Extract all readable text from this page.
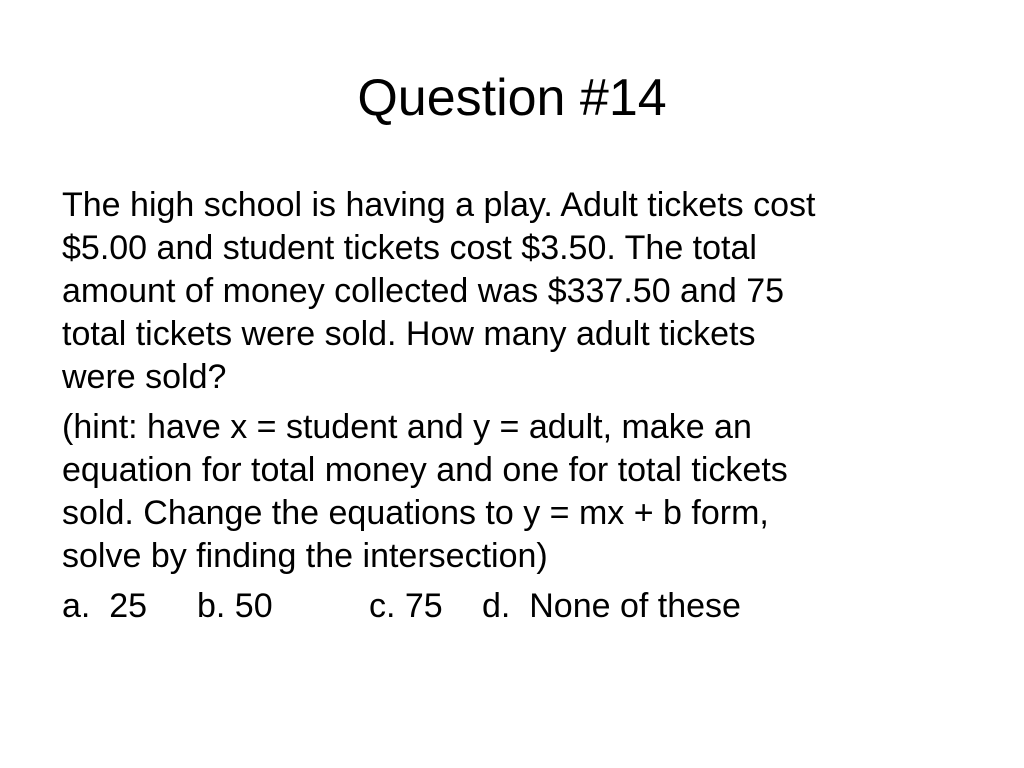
Question #14

The high school is having a play. Adult tickets cost
$5.00 and student tickets cost $3.50. The total
amount of money collected was $337.50 and 75
total tickets were sold. How many adult tickets
were sold?

(hint: have x = student and y = adult, make an
equation for total money and one for total tickets
sold. Change the equations to y = mx + b form,
solve by finding the intersection)

a.  25 b. 50	c. 75 d.  None of these
